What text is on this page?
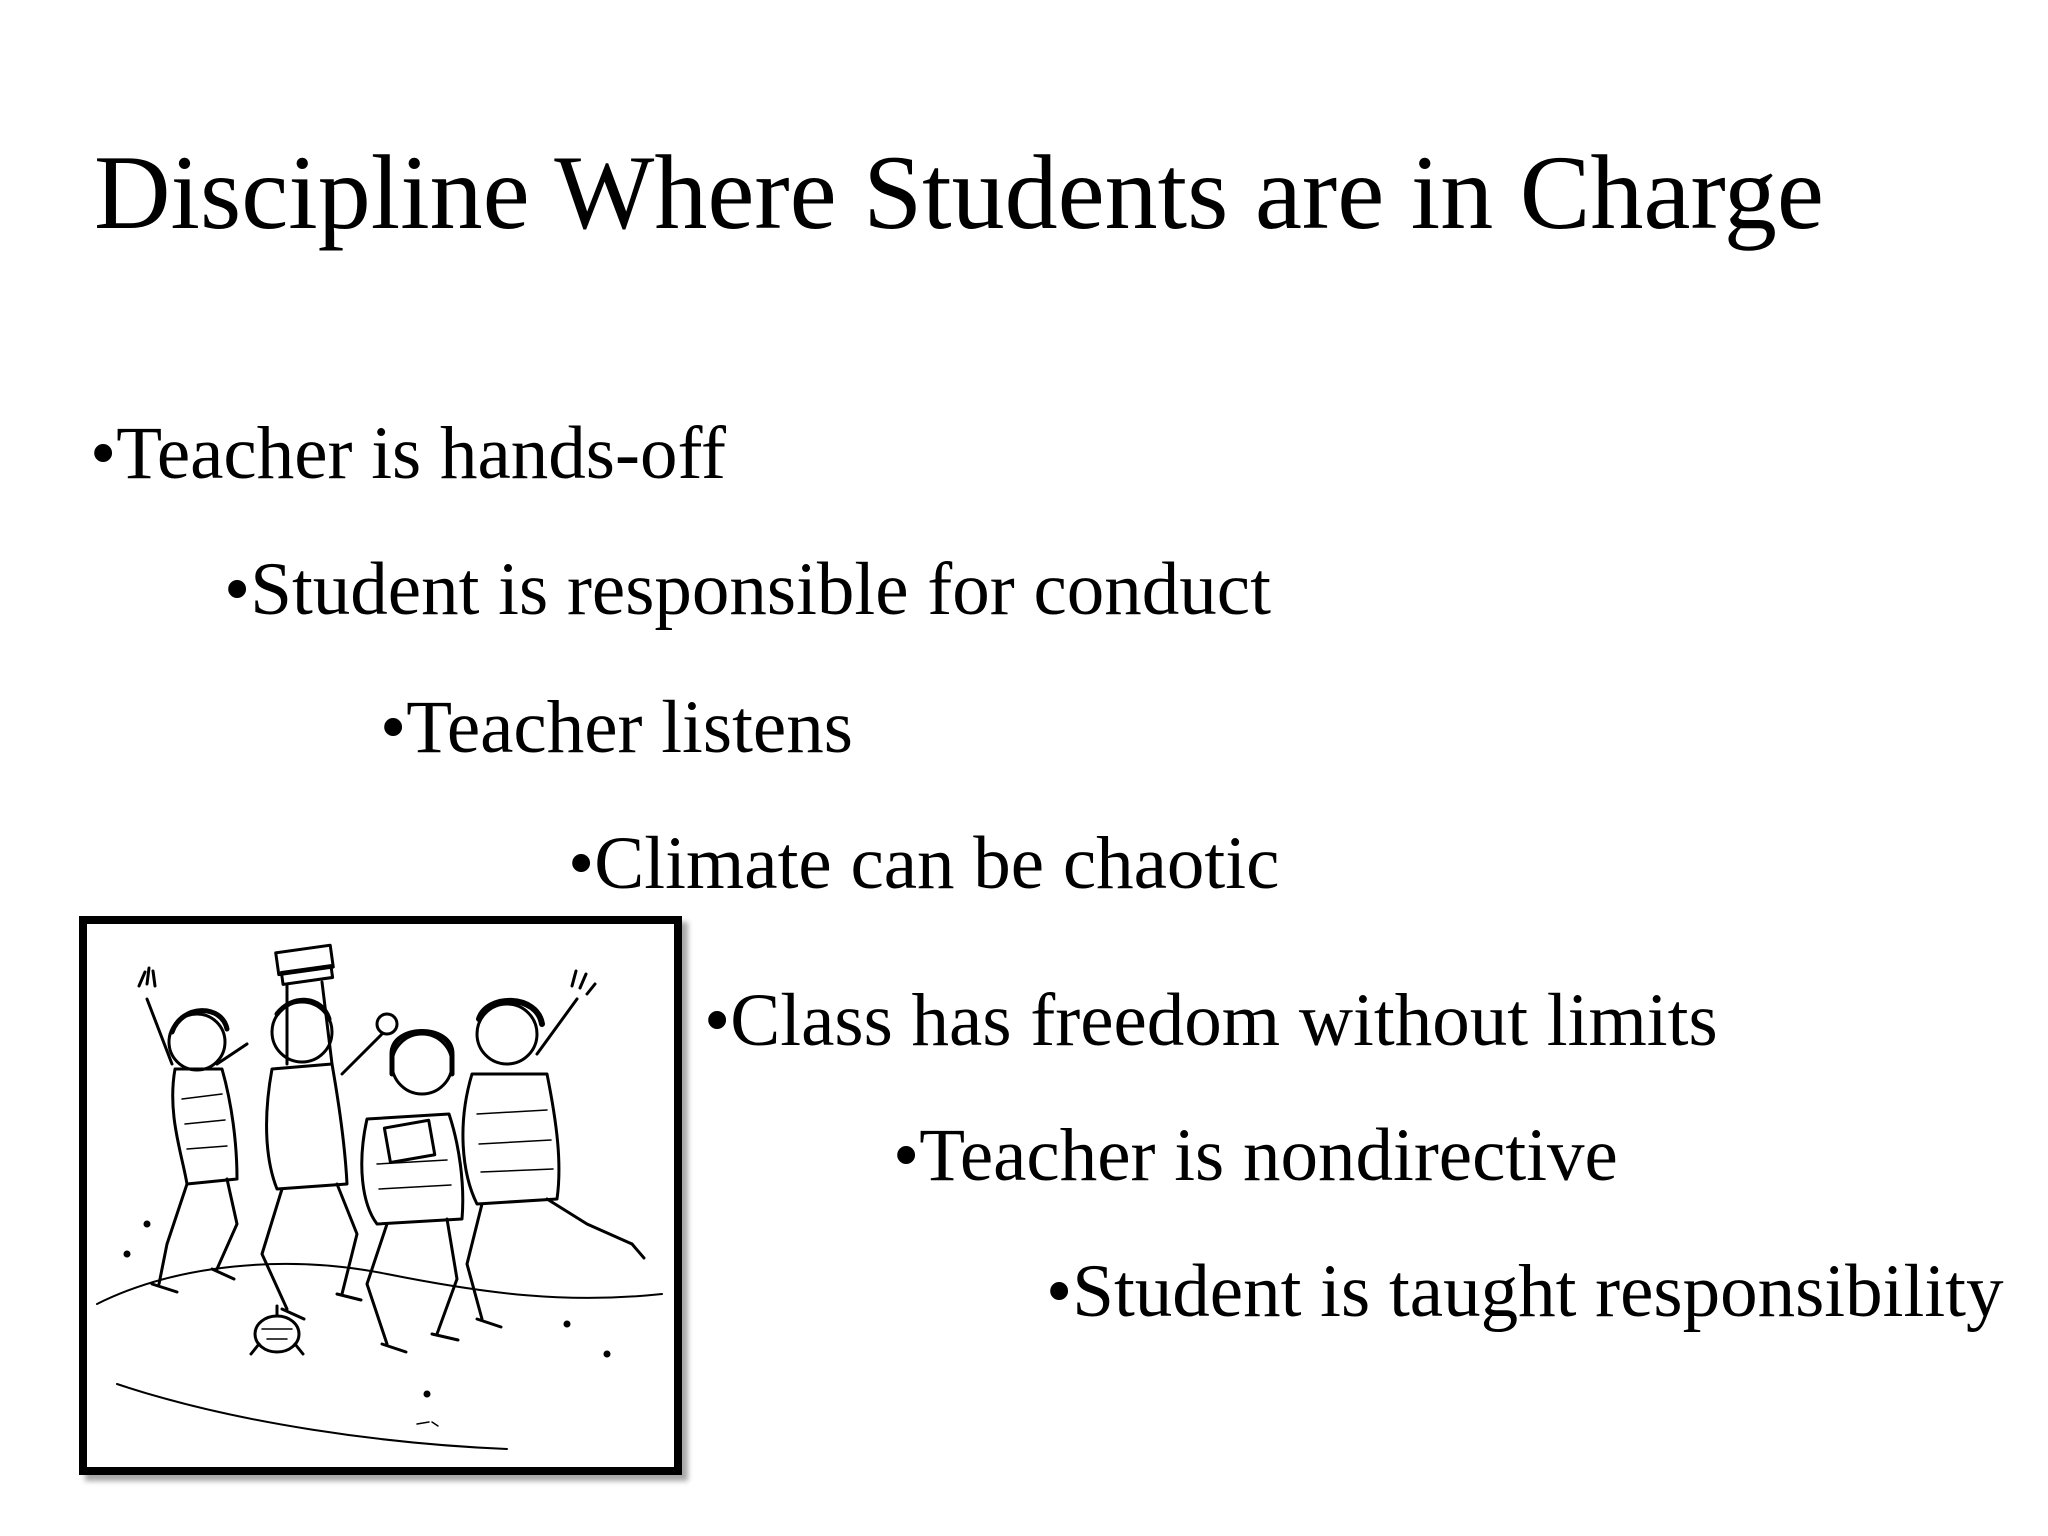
Discipline Where Students are in Charge
•Teacher is hands-off
•Student is responsible for conduct
•Teacher listens
•Climate can be chaotic
•Class has freedom without limits
•Teacher is nondirective
•Student is taught responsibility
